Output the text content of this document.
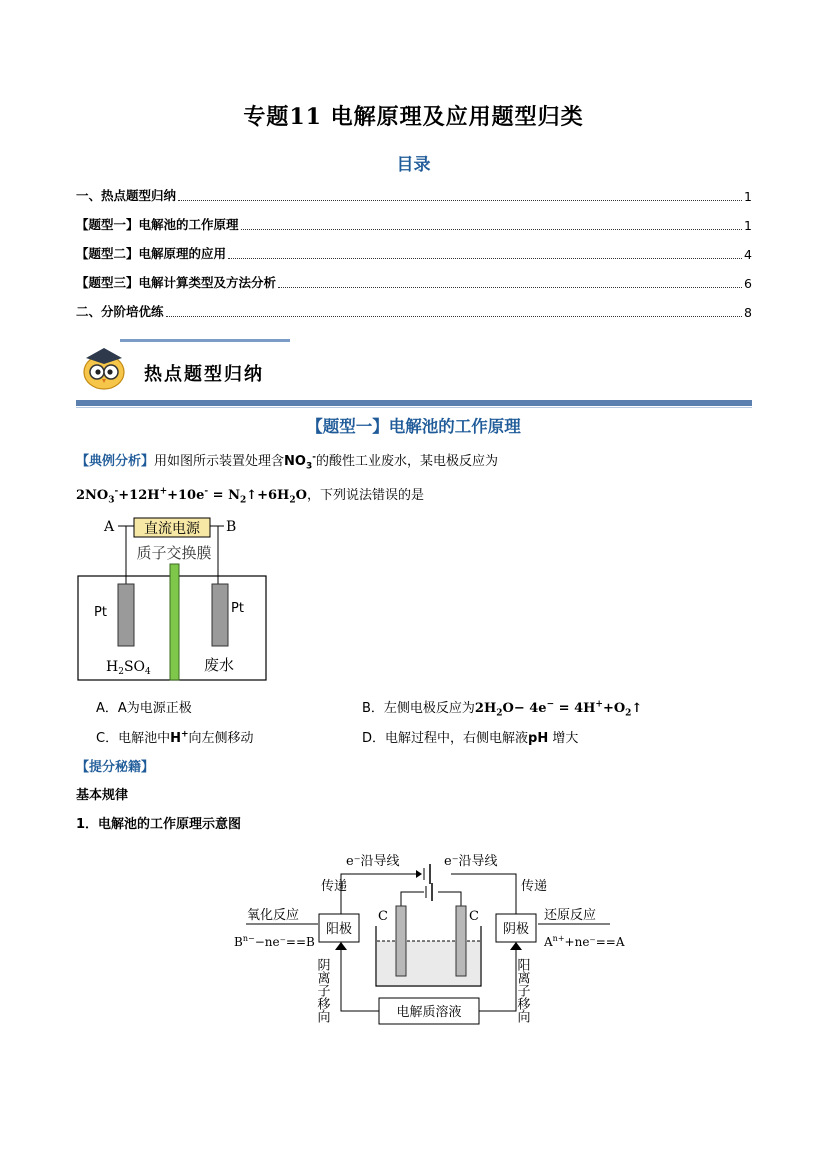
专题11 电解原理及应用题型归类
目录
一、热点题型归纳	1
【题型一】电解池的工作原理	1
【题型二】电解原理的应用	4
【题型三】电解计算类型及方法分析	6
二、分阶培优练	8
热点题型归纳
【题型一】电解池的工作原理
【典例分析】用如图所示装置处理含$NO_3^-$的酸性工业废水，某电极反应为
$2NO_3^-+12H^++10e^-$ = $N_2↑+6H_2O$，下列说法错误的是
A	B
直流电源
质子交换膜
Pt	Pt
$H_2SO_4$	废水
A．A为电源正极	B．左侧电极反应为$2H_2O- 4e^-$ = $4H^++O_2↑$
C．电解池中H+向左侧移动	D．电解过程中，右侧电解液pH 增大
【提分秘籍】
基本规律
1．电解池的工作原理示意图
e⁻沿导线	e⁻沿导线
传递	传递
C	C
阳极	阴极
氧化反应	还原反应
$B^{n-}-ne^-==B$	$A^{n+}+ne^-==A$
电解质溶液
阴离子移向	阳离子移向
